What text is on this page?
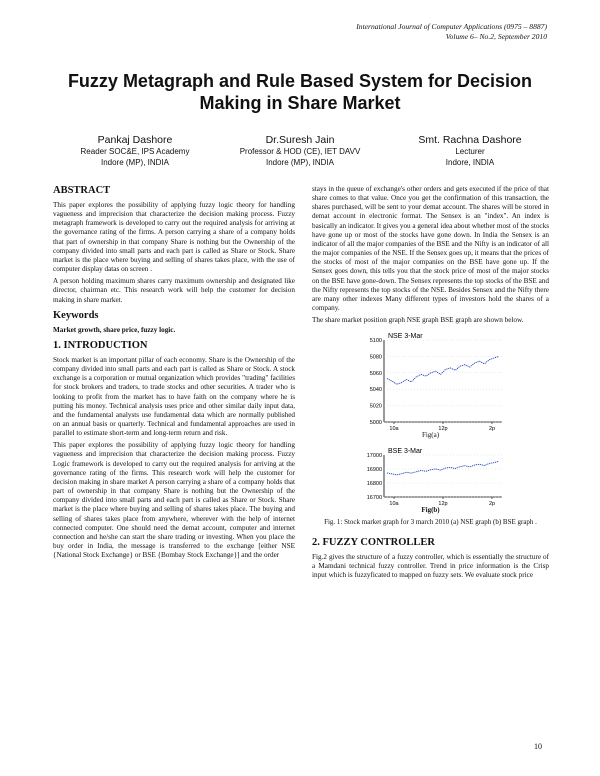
International Journal of Computer Applications (0975 – 8887)
Volume 6– No.2, September 2010
Fuzzy Metagraph and Rule Based System for Decision
Making in Share Market
Pankaj Dashore
Reader SOC&E, IPS Academy
Indore (MP), INDIA
Dr.Suresh Jain
Professor & HOD (CE), IET DAVV
Indore (MP), INDIA
Smt. Rachna Dashore
Lecturer
Indore, INDIA
ABSTRACT

This paper explores the possibility of applying fuzzy logic theory for handling vagueness and imprecision that characterize the decision making process. Fuzzy metagraph framework is developed to carry out the required analysis for arriving at the governance rating of the firms. A person carrying a share of a company holds that part of ownership in that company Share is nothing but the Ownership of the company divided into small parts and each part is called as Share or Stock. Share market is the place where buying and selling of shares takes place, with the use of computer display datas on screen .

A person holding maximum shares carry maximum ownership and designated like director, chairman etc. This research work will help the customer for decision making in share market.

Keywords

Market growth, share price, fuzzy logic.

1. INTRODUCTION

Stock market is an important pillar of each economy. Share is the Ownership of the company divided into small parts and each part is called as Share or Stock. A stock exchange is a corporation or mutual organization which provides "trading" facilities for stock brokers and traders, to trade stocks and other securities. A trader who is looking to profit from the market has to have faith on the company where he is putting his money. Technical analysis uses price and other similar daily input data, and the fundamental analysts use fundamental data which are normally published on an annual basis or quarterly. Technical and fundamental approaches are used in parallel to estimate short-term and long-term return and risk.

This paper explores the possibility of applying fuzzy logic theory for handling vagueness and imprecision that characterize the decision making process. Fuzzy Logic framework is developed to carry out the required analysis for arriving at the governance rating of the firms. This research work will help the customer for decision making in share market A person carrying a share of a company holds that part of ownership in that company Share is nothing but the Ownership of the company divided into small parts and each part is called as Share or Stock. Share market is the place where buying and selling of shares takes place. The buying and selling of shares takes place from anywhere, wherever with the help of internet connected computer. One should need the demat account, computer and internet connection and he/she can start the share trading or investing. When you place the buy order in India, the message is transferred to the exchange [either NSE {National Stock Exchange} or BSE {Bombay Stock Exchange}] and the order

stays in the queue of exchange's other orders and gets executed if the price of that share comes to that value. Once you get the confirmation of this transaction, the shares purchased, will be sent to your demat account. The shares will be stored in demat account in electronic format. The Sensex is an "index". An index is basically an indicator. It gives you a general idea about whether most of the stocks have gone up or most of the stocks have gone down. In India the Sensex is an indicator of all the major companies of the BSE and the Nifty is an indicator of all the major companies of the NSE. If the Sensex goes up, it means that the prices of the stocks of most of the major companies on the BSE have gone up. If the Sensex goes down, this tells you that the stock price of most of the major stocks on the BSE have gone-down. The Sensex represents the top stocks of the BSE and the Nifty represents the top stocks of the NSE. Besides Sensex and the Nifty there are many other indexes Many different types of investors hold the shares of a company.

The share market position graph NSE graph BSE graph are shown below.

NSE 3-Mar
5100
5080
5060
5040
5020
5000
10a	12p	2p
Fig(a)
BSE 3-Mar
17000
16900
16800
16700
10a	12p	2p
Fig(b)
Fig. 1: Stock market graph for 3 march 2010 (a) NSE graph (b) BSE graph .
2. FUZZY CONTROLLER

Fig.2 gives the structure of a fuzzy controller, which is essentially the structure of a Mamdani technical fuzzy controller. Trend in price information is the Crisp input which is fuzzyficated to mapped on fuzzy sets. We evaluate stock price

10
